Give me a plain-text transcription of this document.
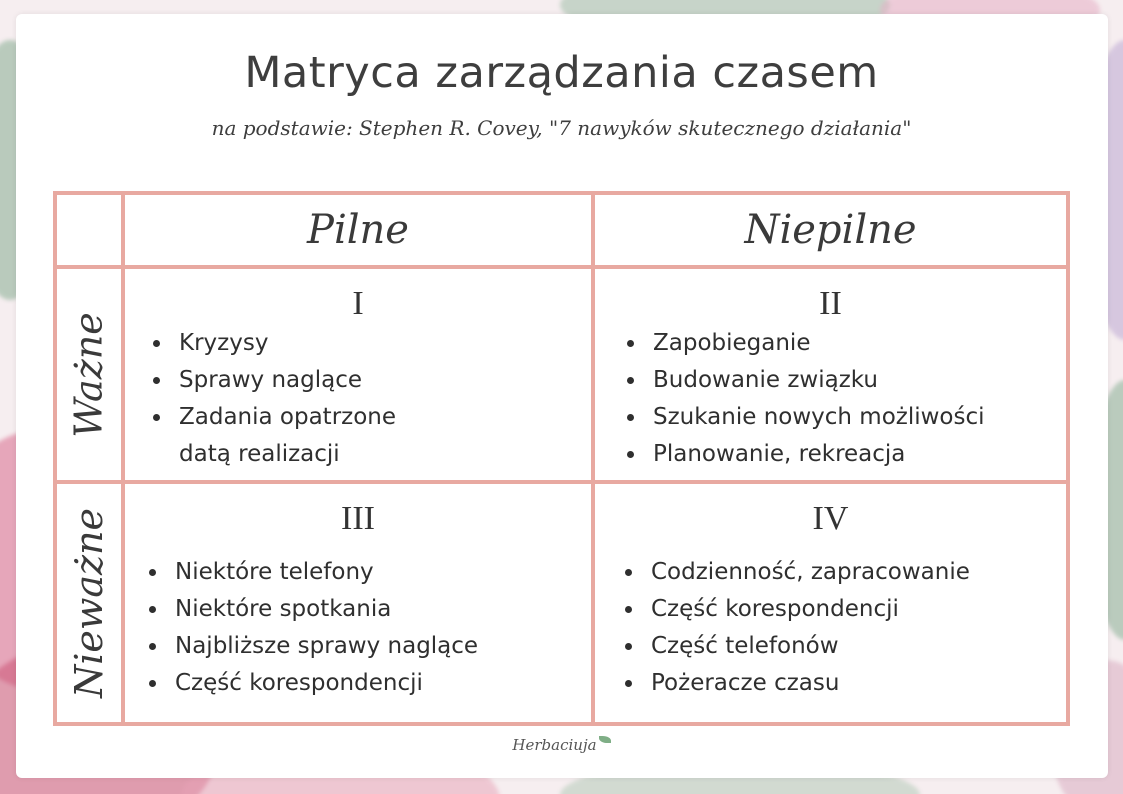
Matryca zarządzania czasem
na podstawie: Stephen R. Covey, "7 nawyków skutecznego działania"
Pilne	Niepilne
Ważne
I
• Kryzysy
• Sprawy naglące
• Zadania opatrzone datą realizacji
II
• Zapobieganie
• Budowanie związku
• Szukanie nowych możliwości
• Planowanie, rekreacja
Nieważne	III
• Niektóre telefony
• Niektóre spotkania
• Najbliższe sprawy naglące
• Część korespondencji
IV
• Codzienność, zapracowanie
• Część korespondencji
• Część telefonów
• Pożeracze czasu
Herbaciuja
